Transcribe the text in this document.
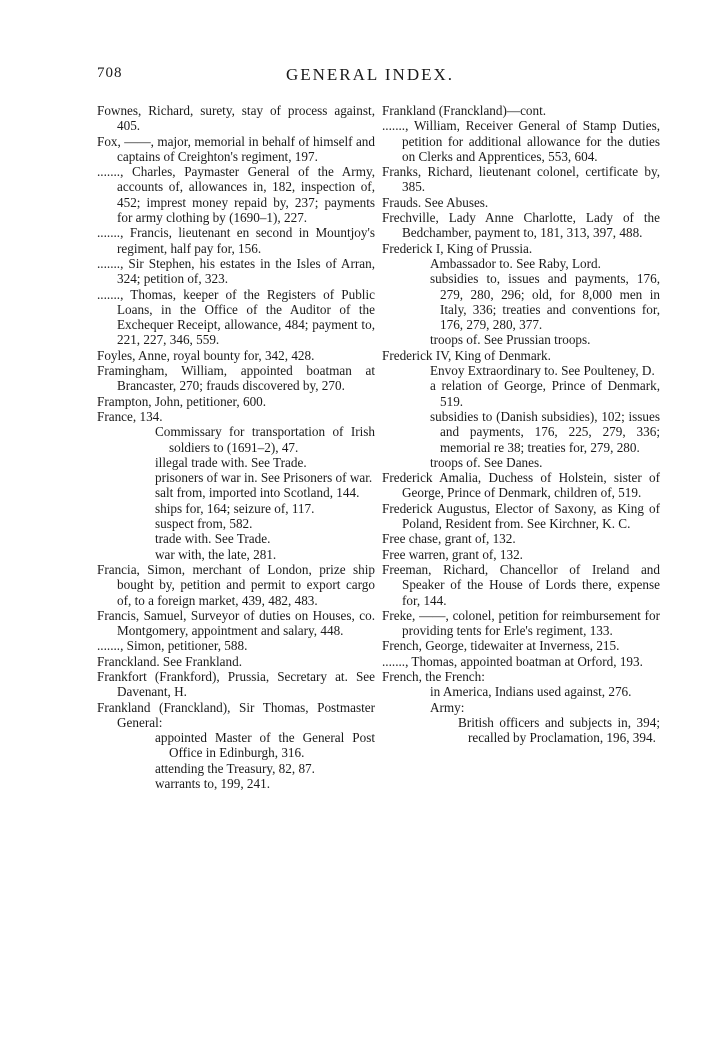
708	GENERAL INDEX.

Fownes, Richard, surety, stay of process against, 405.

Fox, ——, major, memorial in behalf of himself and captains of Creighton's regiment, 197.

......., Charles, Paymaster General of the Army, accounts of, allowances in, 182, inspection of, 452; imprest money repaid by, 237; payments for army clothing by (1690–1), 227.

......., Francis, lieutenant en second in Mountjoy's regiment, half pay for, 156.

......., Sir Stephen, his estates in the Isles of Arran, 324; petition of, 323.

......., Thomas, keeper of the Registers of Public Loans, in the Office of the Auditor of the Exchequer Receipt, allowance, 484; payment to, 221, 227, 346, 559.

Foyles, Anne, royal bounty for, 342, 428.

Framingham, William, appointed boatman at Brancaster, 270; frauds discovered by, 270.

Frampton, John, petitioner, 600.

France, 134.

Commissary for transportation of Irish soldiers to (1691–2), 47.

illegal trade with. See Trade.

prisoners of war in. See Prisoners of war.

salt from, imported into Scotland, 144.

ships for, 164; seizure of, 117.

suspect from, 582.

trade with. See Trade.

war with, the late, 281.

Francia, Simon, merchant of London, prize ship bought by, petition and permit to export cargo of, to a foreign market, 439, 482, 483.

Francis, Samuel, Surveyor of duties on Houses, co. Montgomery, appointment and salary, 448.

......., Simon, petitioner, 588.

Franckland. See Frankland.

Frankfort (Frankford), Prussia, Secretary at. See Davenant, H.

Frankland (Franckland), Sir Thomas, Postmaster General:

appointed Master of the General Post Office in Edinburgh, 316.

attending the Treasury, 82, 87.

warrants to, 199, 241.

Frankland (Franckland)—cont.

......., William, Receiver General of Stamp Duties, petition for additional allowance for the duties on Clerks and Apprentices, 553, 604.

Franks, Richard, lieutenant colonel, certificate by, 385.

Frauds. See Abuses.

Frechville, Lady Anne Charlotte, Lady of the Bedchamber, payment to, 181, 313, 397, 488.

Frederick I, King of Prussia.

Ambassador to. See Raby, Lord.

subsidies to, issues and payments, 176, 279, 280, 296; old, for 8,000 men in Italy, 336; treaties and conventions for, 176, 279, 280, 377.

troops of. See Prussian troops.

Frederick IV, King of Denmark.

Envoy Extraordinary to. See Poulteney, D.

a relation of George, Prince of Denmark, 519.

subsidies to (Danish subsidies), 102; issues and payments, 176, 225, 279, 336; memorial re 38; treaties for, 279, 280.

troops of. See Danes.

Frederick Amalia, Duchess of Holstein, sister of George, Prince of Denmark, children of, 519.

Frederick Augustus, Elector of Saxony, as King of Poland, Resident from. See Kirchner, K. C.

Free chase, grant of, 132.

Free warren, grant of, 132.

Freeman, Richard, Chancellor of Ireland and Speaker of the House of Lords there, expense for, 144.

Freke, ——, colonel, petition for reimbursement for providing tents for Erle's regiment, 133.

French, George, tidewaiter at Inverness, 215.

......., Thomas, appointed boatman at Orford, 193.

French, the French:

in America, Indians used against, 276.

Army:

British officers and subjects in, 394; recalled by Proclamation, 196, 394.
